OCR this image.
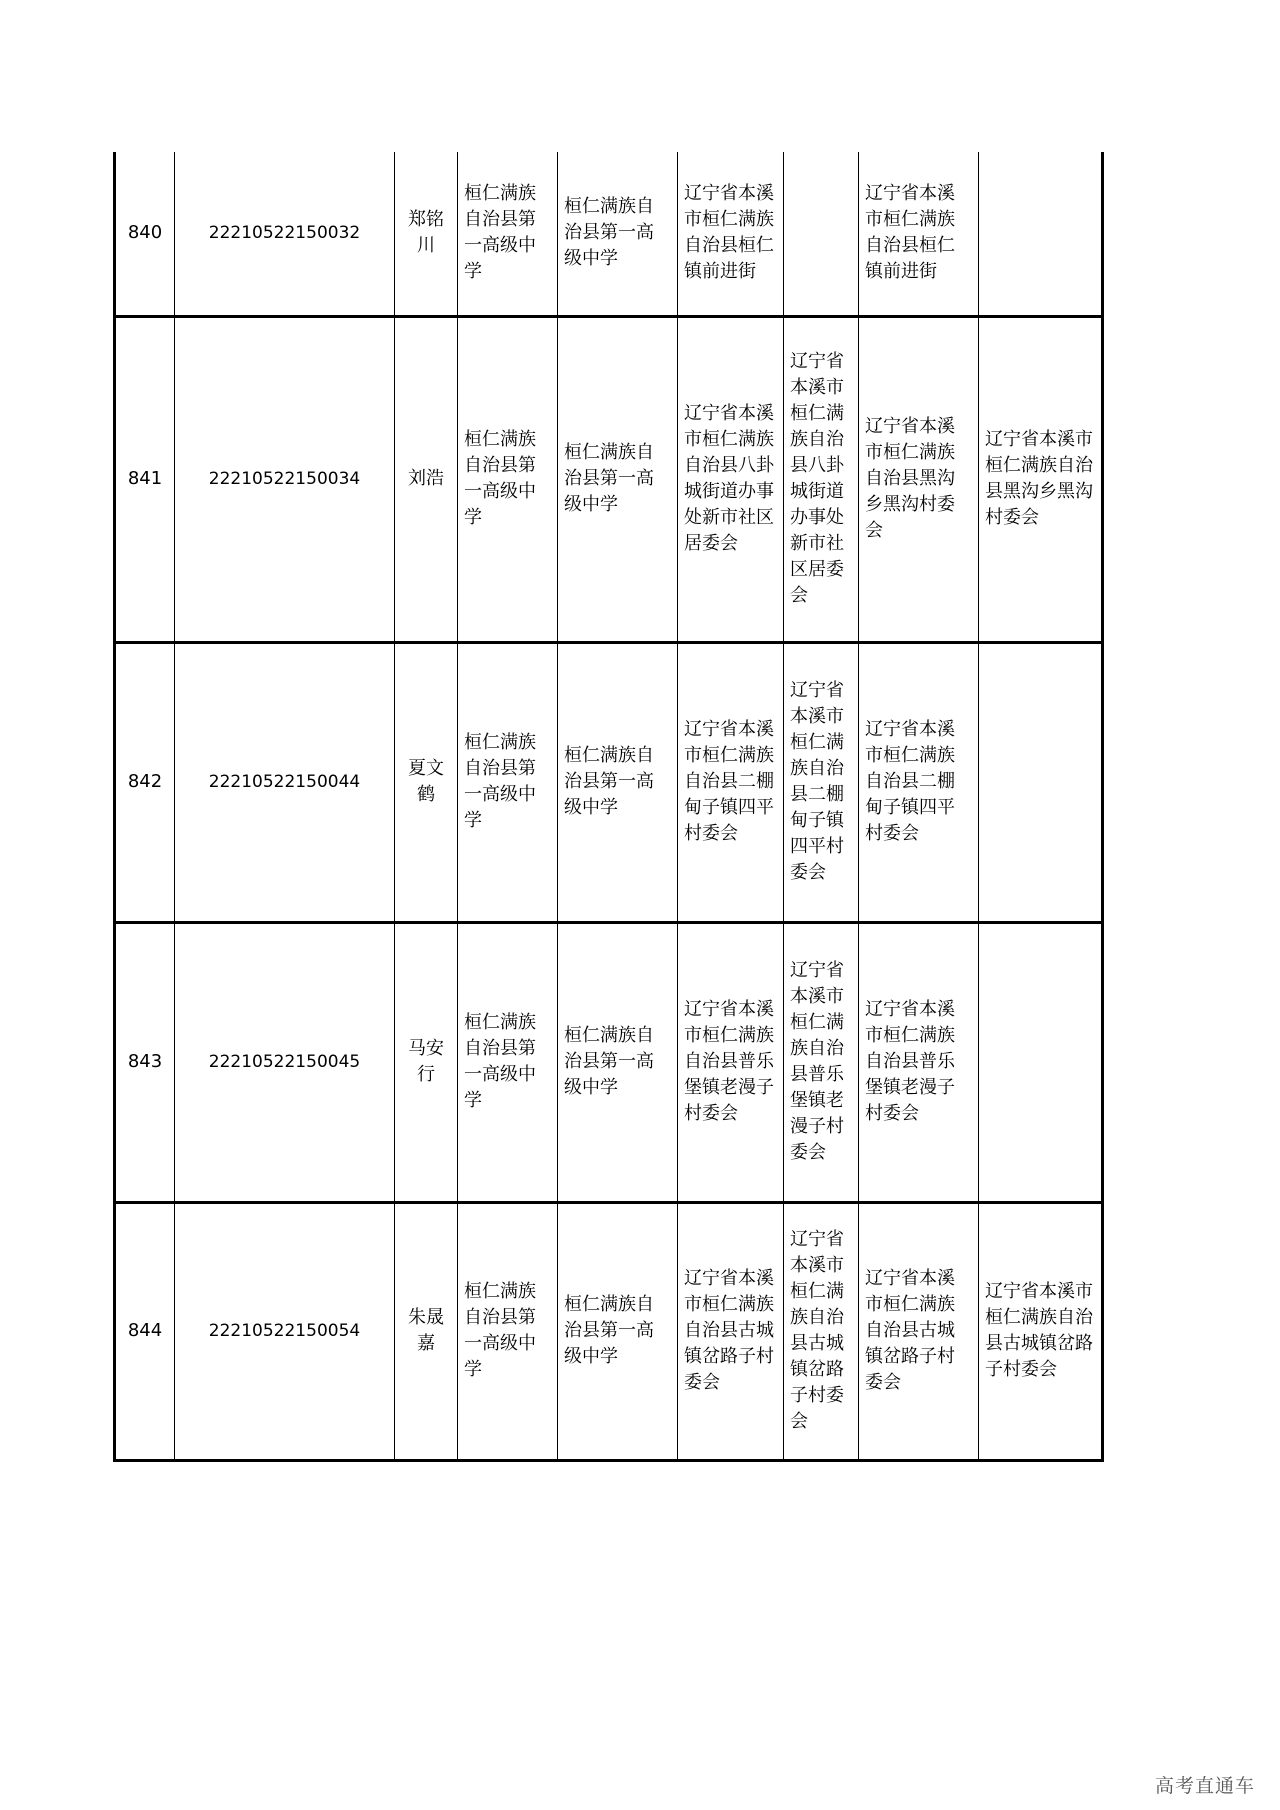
840	22210522150032	郑铭川	桓仁满族自治县第一高级中学	桓仁满族自治县第一高级中学	辽宁省本溪市桓仁满族自治县桓仁镇前进街		辽宁省本溪市桓仁满族自治县桓仁镇前进街	
841	22210522150034	刘浩	桓仁满族自治县第一高级中学	桓仁满族自治县第一高级中学	辽宁省本溪市桓仁满族自治县八卦城街道办事处新市社区居委会	辽宁省本溪市桓仁满族自治县八卦城街道办事处新市社区居委会	辽宁省本溪市桓仁满族自治县黑沟乡黑沟村委会	辽宁省本溪市桓仁满族自治县黑沟乡黑沟村委会
842	22210522150044	夏文鹤	桓仁满族自治县第一高级中学	桓仁满族自治县第一高级中学	辽宁省本溪市桓仁满族自治县二棚甸子镇四平村委会	辽宁省本溪市桓仁满族自治县二棚甸子镇四平村委会	辽宁省本溪市桓仁满族自治县二棚甸子镇四平村委会	
843	22210522150045	马安行	桓仁满族自治县第一高级中学	桓仁满族自治县第一高级中学	辽宁省本溪市桓仁满族自治县普乐堡镇老漫子村委会	辽宁省本溪市桓仁满族自治县普乐堡镇老漫子村委会	辽宁省本溪市桓仁满族自治县普乐堡镇老漫子村委会	
844	22210522150054	朱晟嘉	桓仁满族自治县第一高级中学	桓仁满族自治县第一高级中学	辽宁省本溪市桓仁满族自治县古城镇岔路子村委会	辽宁省本溪市桓仁满族自治县古城镇岔路子村委会	辽宁省本溪市桓仁满族自治县古城镇岔路子村委会	辽宁省本溪市桓仁满族自治县古城镇岔路子村委会
高考直通车
